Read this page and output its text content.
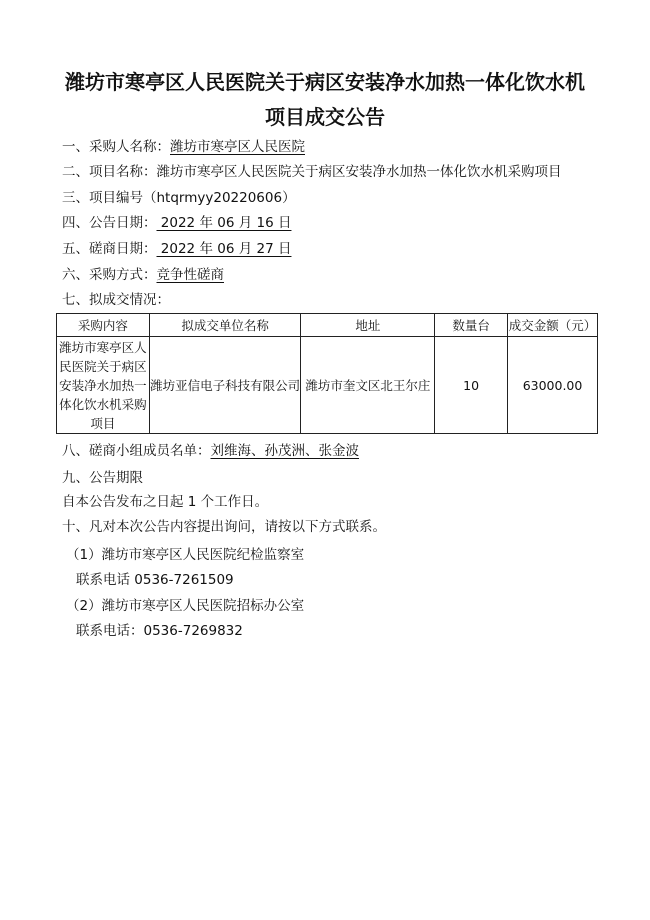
潍坊市寒亭区人民医院关于病区安装净水加热一体化饮水机
项目成交公告
一、采购人名称：潍坊市寒亭区人民医院
二、项目名称：潍坊市寒亭区人民医院关于病区安装净水加热一体化饮水机采购项目
三、项目编号（htqrmyy20220606）
四、公告日期： 2022 年 06 月 16 日
五、磋商日期： 2022 年 06 月 27 日
六、采购方式：竞争性磋商
七、拟成交情况：
采购内容	拟成交单位名称	地址	数量台	成交金额（元）
潍坊市寒亭区人民医院关于病区安装净水加热一体化饮水机采购项目	潍坊亚信电子科技有限公司	潍坊市奎文区北王尔庄	10	63000.00
八、磋商小组成员名单：刘维海、孙茂洲、张金波
九、公告期限
自本公告发布之日起 1 个工作日。
十、凡对本次公告内容提出询问，请按以下方式联系。
（1）潍坊市寒亭区人民医院纪检监察室
联系电话 0536-7261509
（2）潍坊市寒亭区人民医院招标办公室
联系电话：0536-7269832
